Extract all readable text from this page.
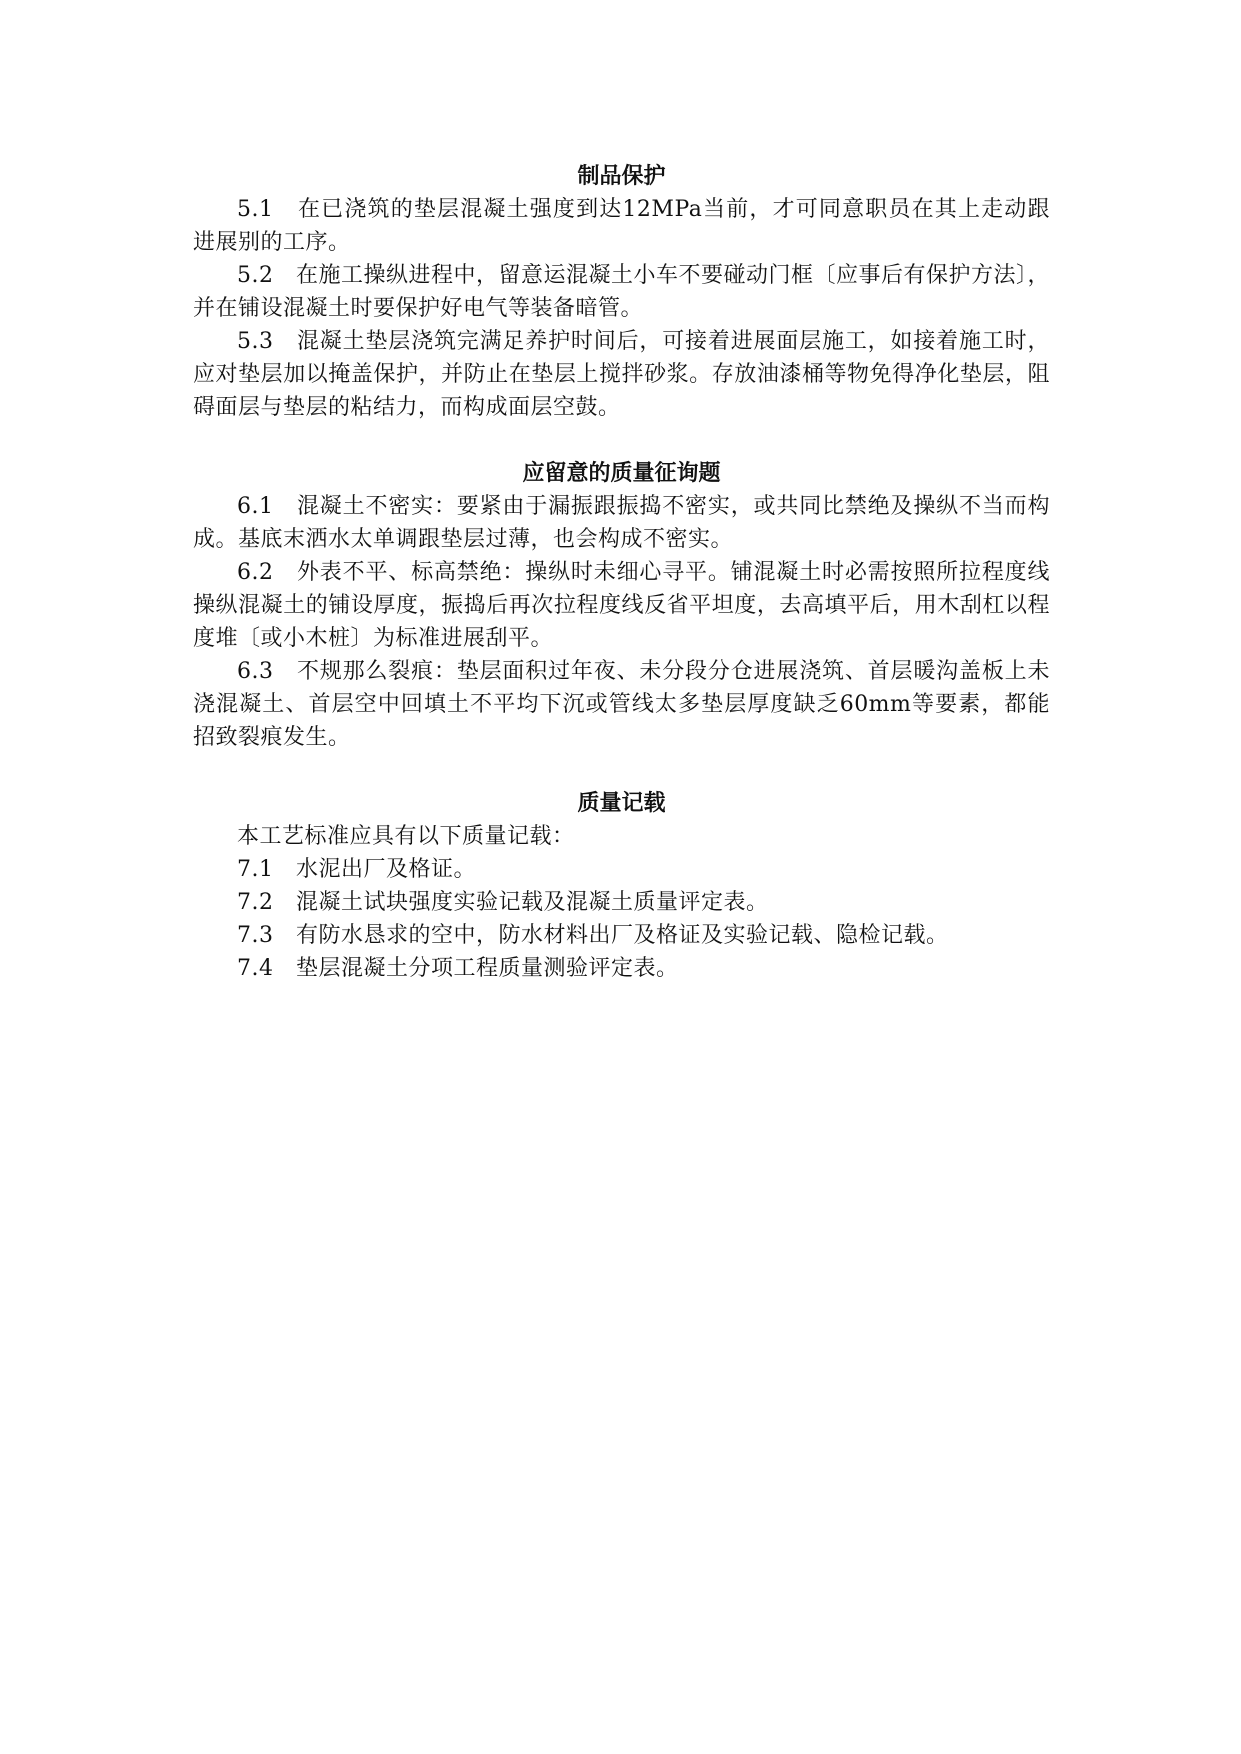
制品保护

5.1 在已浇筑的垫层混凝土强度到达12MPa当前，才可同意职员在其上走动跟进展别的工序。

5.2 在施工操纵进程中，留意运混凝土小车不要碰动门框〔应事后有保护方法〕，并在铺设混凝土时要保护好电气等装备暗管。

5.3 混凝土垫层浇筑完满足养护时间后，可接着进展面层施工，如接着施工时，应对垫层加以掩盖保护，并防止在垫层上搅拌砂浆。存放油漆桶等物免得净化垫层，阻碍面层与垫层的粘结力，而构成面层空鼓。

应留意的质量征询题

6.1 混凝土不密实：要紧由于漏振跟振捣不密实，或共同比禁绝及操纵不当而构成。基底末洒水太单调跟垫层过薄，也会构成不密实。

6.2 外表不平、标高禁绝：操纵时未细心寻平。铺混凝土时必需按照所拉程度线操纵混凝土的铺设厚度，振捣后再次拉程度线反省平坦度，去高填平后，用木刮杠以程度堆〔或小木桩〕为标准进展刮平。

6.3 不规那么裂痕：垫层面积过年夜、未分段分仓进展浇筑、首层暖沟盖板上未浇混凝土、首层空中回填土不平均下沉或管线太多垫层厚度缺乏60mm等要素，都能招致裂痕发生。

质量记载

本工艺标准应具有以下质量记载：

7.1 水泥出厂及格证。

7.2 混凝土试块强度实验记载及混凝土质量评定表。

7.3 有防水恳求的空中，防水材料出厂及格证及实验记载、隐检记载。

7.4 垫层混凝土分项工程质量测验评定表。
